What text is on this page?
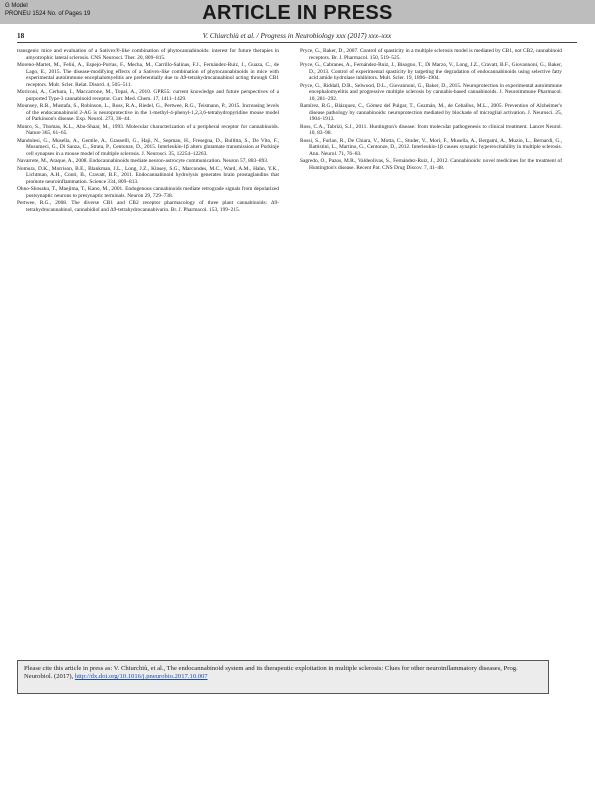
G Model
PRONEU 1524 No. of Pages 19	ARTICLE IN PRESS
18	V. Chiurchiù et al. / Progress in Neurobiology xxx (2017) xxx–xxx

transgenic mice and evaluation of a Sativex®-like combination of phytocannabinoids: interest for future therapies in amyotrophic lateral sclerosis. CNS Neurosci. Ther. 20, 809–815.

Moreno-Martet, M., Feliú, A., Espejo-Porras, F., Mecha, M., Carrillo-Salinas, F.J., Fernández-Ruiz, J., Guaza, C., de Lago, E., 2015. The disease-modifying effects of a Sativex-like combination of phytocannabinoids in mice with experimental autoimmune encephalomyelitis are preferentially due to Δ9-tetrahydrocannabinol acting through CB1 receptors. Mult. Scler. Relat. Disord. 4, 505–511.

Moriconi, A., Cerbara, I., Maccarrone, M., Topai, A., 2010. GPR55: current knowledge and future perspectives of a purported Type-3 cannabinoid receptor. Curr. Med. Chem. 17, 1411–1429.

Mounsey, R.B., Mustafa, S., Robinson, L., Ross, R.A., Riedel, G., Pertwee, R.G., Teismann, P., 2015. Increasing levels of the endocannabinoid 2-AG is neuroprotective in the 1-methyl-4-phenyl-1,2,3,6-tetrahydropyridine mouse model of Parkinson's disease. Exp. Neurol. 273, 36–44.

Munro, S., Thomas, K.L., Abu-Shaar, M., 1993. Molecular characterization of a peripheral receptor for cannabinoids. Nature 365, 61–65.

Mandolesi, G., Musella, A., Gentile, A., Grasselli, G., Haji, N., Sepman, H., Fresegna, D., Bullitta, S., De Vito, F., Musumeci, G., Di Sanza, C., Strata, P., Centonze, D., 2015. Interleukin-1β alters glutamate transmission at Purkinje cell synapses in a mouse model of multiple sclerosis. J. Neurosci. 35, 12254–12263.

Navarrete, M., Araque, A., 2008. Endocannabinoids mediate neuron-astrocyte communication. Neuron 57, 883–893.

Nomura, D.K., Morrison, B.E., Blankman, J.L., Long, J.Z., Kinsey, S.G., Marcondes, M.C., Ward, A.M., Hahn, Y.K., Lichtman, A.H., Conti, B., Cravatt, B.F., 2011. Endocannabinoid hydrolysis generates brain prostaglandins that promote neuroinflammation. Science 334, 809–813.

Ohno-Shosaku, T., Maejima, T., Kano, M., 2001. Endogenous cannabinoids mediate retrograde signals from depolarized postsynaptic neurons to presynaptic terminals. Neuron 29, 729–738.

Pertwee, R.G., 2008. The diverse CB1 and CB2 receptor pharmacology of three plant cannabinoids: Δ9-tetrahydrocannabinol, cannabidiol and Δ9-tetrahydrocannabivarin. Br. J. Pharmacol. 153, 199–215.

Pryce, G., Baker, D., 2007. Control of spasticity in a multiple sclerosis model is mediated by CB1, not CB2, cannabinoid receptors. Br. J. Pharmacol. 150, 519–525.

Pryce, G., Cabranes, A., Fernández-Ruiz, J., Bisogno, T., Di Marzo, V., Long, J.Z., Cravatt, B.F., Giovannoni, G., Baker, D., 2013. Control of experimental spasticity by targeting the degradation of endocannabinoids using selective fatty acid amide hydrolase inhibitors. Mult. Scler. 19, 1896–1904.

Pryce, G., Riddall, D.R., Selwood, D.L., Giovannoni, G., Baker, D., 2015. Neuroprotection in experimental autoimmune encephalomyelitis and progressive multiple sclerosis by cannabis-based cannabinoids. J. Neuroimmune Pharmacol. 10, 281–292.

Ramírez, B.G., Blázquez, C., Gómez del Pulgar, T., Guzmán, M., de Ceballos, M.L., 2005. Prevention of Alzheimer's disease pathology by cannabinoids: neuroprotection mediated by blockade of microglial activation. J. Neurosci. 25, 1904–1913.

Ross, C.A., Tabrizi, S.J., 2011. Huntington's disease: from molecular pathogenesis to clinical treatment. Lancet Neurol. 10, 83–98.

Rossi, S., Furlan, R., De Chiara, V., Motta, C., Studer, V., Mori, F., Musella, A., Bergami, A., Muzio, L., Bernardi, G., Battistini, L., Martino, G., Centonze, D., 2012. Interleukin-1β causes synaptic hyperexcitability in multiple sclerosis. Ann. Neurol. 71, 76–83.

Sagredo, O., Pazos, M.R., Valdeolivas, S., Fernández-Ruiz, J., 2012. Cannabinoids: novel medicines for the treatment of Huntington's disease. Recent Pat. CNS Drug Discov. 7, 41–48.

Please cite this article in press as: V. Chiurchiù, et al., The endocannabinoid system and its therapeutic exploitation in multiple sclerosis: Clues for other neuroinflammatory diseases, Prog. Neurobiol. (2017), http://dx.doi.org/10.1016/j.pneurobio.2017.10.007
